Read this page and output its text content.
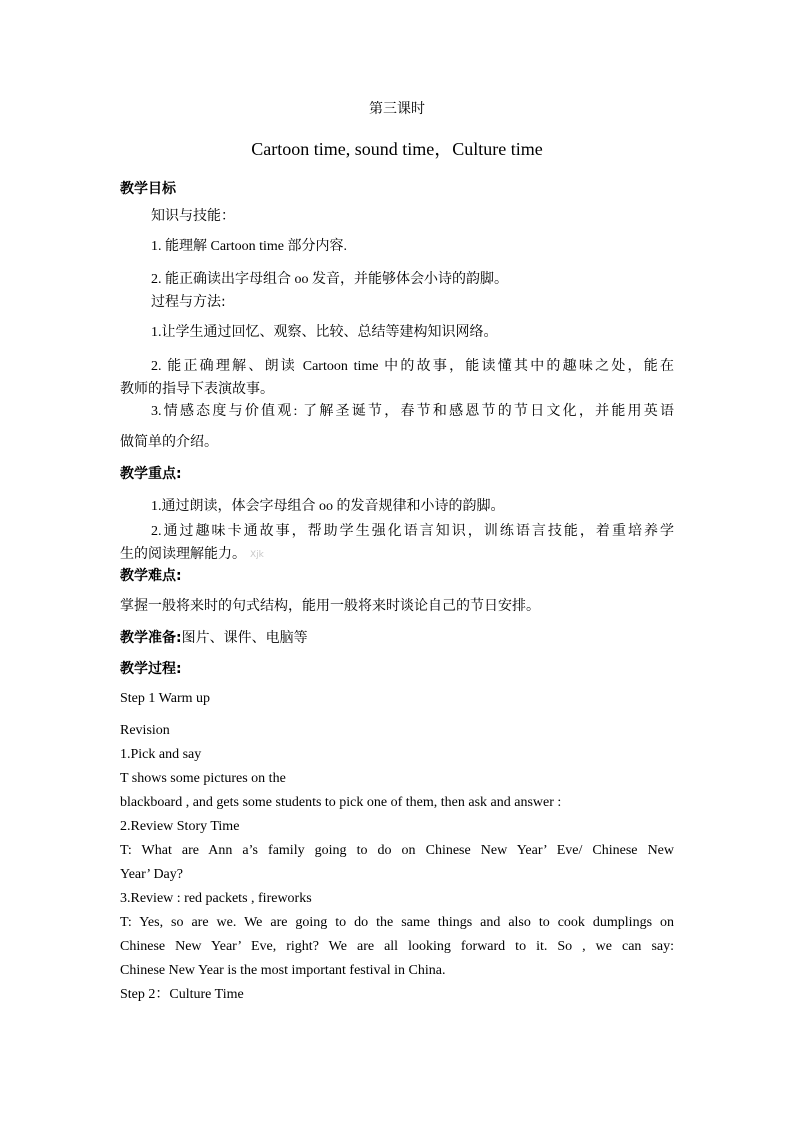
第三课时
Cartoon time, sound time，Culture time
教学目标
知识与技能：
1. 能理解 Cartoon time 部分内容.
2. 能正确读出字母组合 oo 发音，并能够体会小诗的韵脚。
过程与方法:
1.让学生通过回忆、观察、比较、总结等建构知识网络。
2. 能正确理解、朗读 Cartoon time 中的故事，能读懂其中的趣味之处，能在
教师的指导下表演故事。
3.情感态度与价值观: 了解圣诞节，春节和感恩节的节日文化，并能用英语
做简单的介绍。
教学重点:
1.通过朗读，体会字母组合 oo 的发音规律和小诗的韵脚。
2.通过趣味卡通故事，帮助学生强化语言知识，训练语言技能，着重培养学
生的阅读理解能力。 Xjk
教学难点:
掌握一般将来时的句式结构，能用一般将来时谈论自己的节日安排。
教学准备:图片、课件、电脑等
教学过程:
Step 1 Warm up
Revision
1.Pick and say
T shows some pictures on the
blackboard , and gets some students to pick one of them, then ask and answer :
2.Review Story Time
T: What are Ann a’s family going to do on Chinese New Year’ Eve/ Chinese New
Year’ Day?
3.Review : red packets , fireworks
T: Yes, so are we. We are going to do the same things and also to cook dumplings on
Chinese New Year’ Eve, right? We are all looking forward to it. So , we can say:
Chinese New Year is the most important festival in China.
Step 2：Culture Time
